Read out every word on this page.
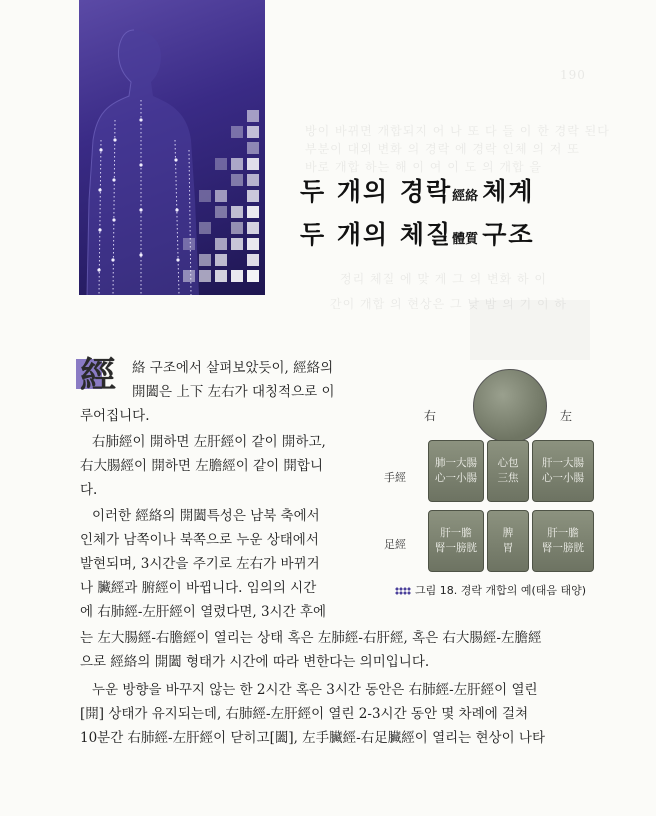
190
방이 바뀌면 개합되지 어 나 또 다 들 이 한 경락 된다
부분이 대외 변화 의 경락 에 경락 인체 의 저 또
바로 개합 하는 해 이 여 이 도 의 개합 을
정리 체질 에 맞 게 그 의 변화 하 이
간이 개합 의 현상은 그 낮 밤 의 기 이 하
두 개의 경락經絡 체계
두 개의 체질體質 구조
經 絡 구조에서 살펴보았듯이, 經絡의
開闔은 上下 左右가 대칭적으로 이
루어집니다.
右肺經이 開하면 左肝經이 같이 開하고,
右大腸經이 開하면 左膽經이 같이 開합니
다.
이러한 經絡의 開闔특성은 남북 축에서
인체가 남쪽이나 북쪽으로 누운 상태에서
발현되며, 3시간을 주기로 左右가 바뀌거
나 臟經과 腑經이 바뀝니다. 임의의 시간
에 右肺經-左肝經이 열렸다면, 3시간 후에
는 左大腸經-右膽經이 열리는 상태 혹은 左肺經-右肝經, 혹은 右大腸經-左膽經
으로 經絡의 開闔 형태가 시간에 따라 변한다는 의미입니다.
누운 방향을 바꾸지 않는 한 2시간 혹은 3시간 동안은 右肺經-左肝經이 열린
[開] 상태가 유지되는데, 右肺經-左肝經이 열린 2-3시간 동안 몇 차례에 걸쳐
10분간 右肺經-左肝經이 닫히고[闔], 左手臟經-右足臟經이 열리는 현상이 나타
右	左
手經
足經
肺一大腸
心一小腸
心包
三焦
肝一大腸
心一小腸
肝一膽
腎一膀胱
脾
胃
肝一膽
腎一膀胱
그림 18. 경락 개합의 예(태음 태양)
